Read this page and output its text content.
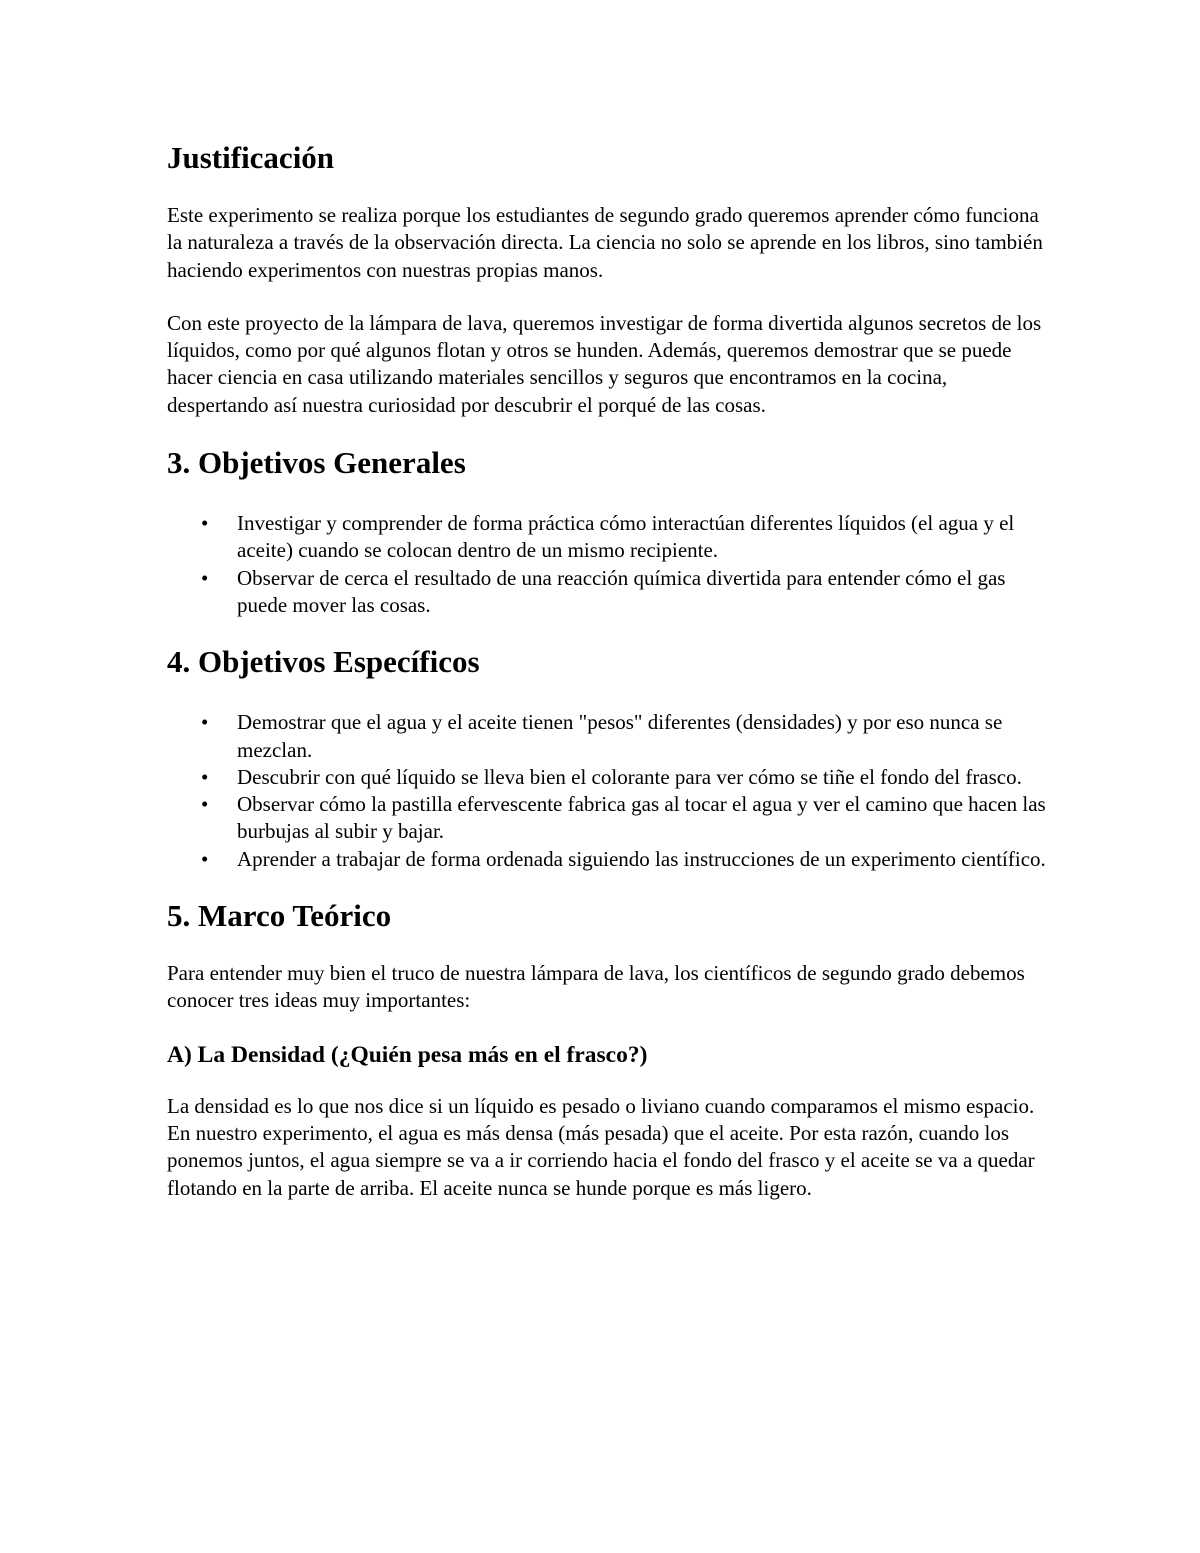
Justificación

Este experimento se realiza porque los estudiantes de segundo grado queremos aprender cómo funciona la naturaleza a través de la observación directa. La ciencia no solo se aprende en los libros, sino también haciendo experimentos con nuestras propias manos.

Con este proyecto de la lámpara de lava, queremos investigar de forma divertida algunos secretos de los líquidos, como por qué algunos flotan y otros se hunden. Además, queremos demostrar que se puede hacer ciencia en casa utilizando materiales sencillos y seguros que encontramos en la cocina, despertando así nuestra curiosidad por descubrir el porqué de las cosas.

3. Objetivos Generales
• Investigar y comprender de forma práctica cómo interactúan diferentes líquidos (el agua y el aceite) cuando se colocan dentro de un mismo recipiente.
• Observar de cerca el resultado de una reacción química divertida para entender cómo el gas puede mover las cosas.
4. Objetivos Específicos
• Demostrar que el agua y el aceite tienen "pesos" diferentes (densidades) y por eso nunca se mezclan.
• Descubrir con qué líquido se lleva bien el colorante para ver cómo se tiñe el fondo del frasco.
• Observar cómo la pastilla efervescente fabrica gas al tocar el agua y ver el camino que hacen las burbujas al subir y bajar.
• Aprender a trabajar de forma ordenada siguiendo las instrucciones de un experimento científico.
5. Marco Teórico

Para entender muy bien el truco de nuestra lámpara de lava, los científicos de segundo grado debemos conocer tres ideas muy importantes:

A) La Densidad (¿Quién pesa más en el frasco?)

La densidad es lo que nos dice si un líquido es pesado o liviano cuando comparamos el mismo espacio. En nuestro experimento, el agua es más densa (más pesada) que el aceite. Por esta razón, cuando los ponemos juntos, el agua siempre se va a ir corriendo hacia el fondo del frasco y el aceite se va a quedar flotando en la parte de arriba. El aceite nunca se hunde porque es más ligero.
